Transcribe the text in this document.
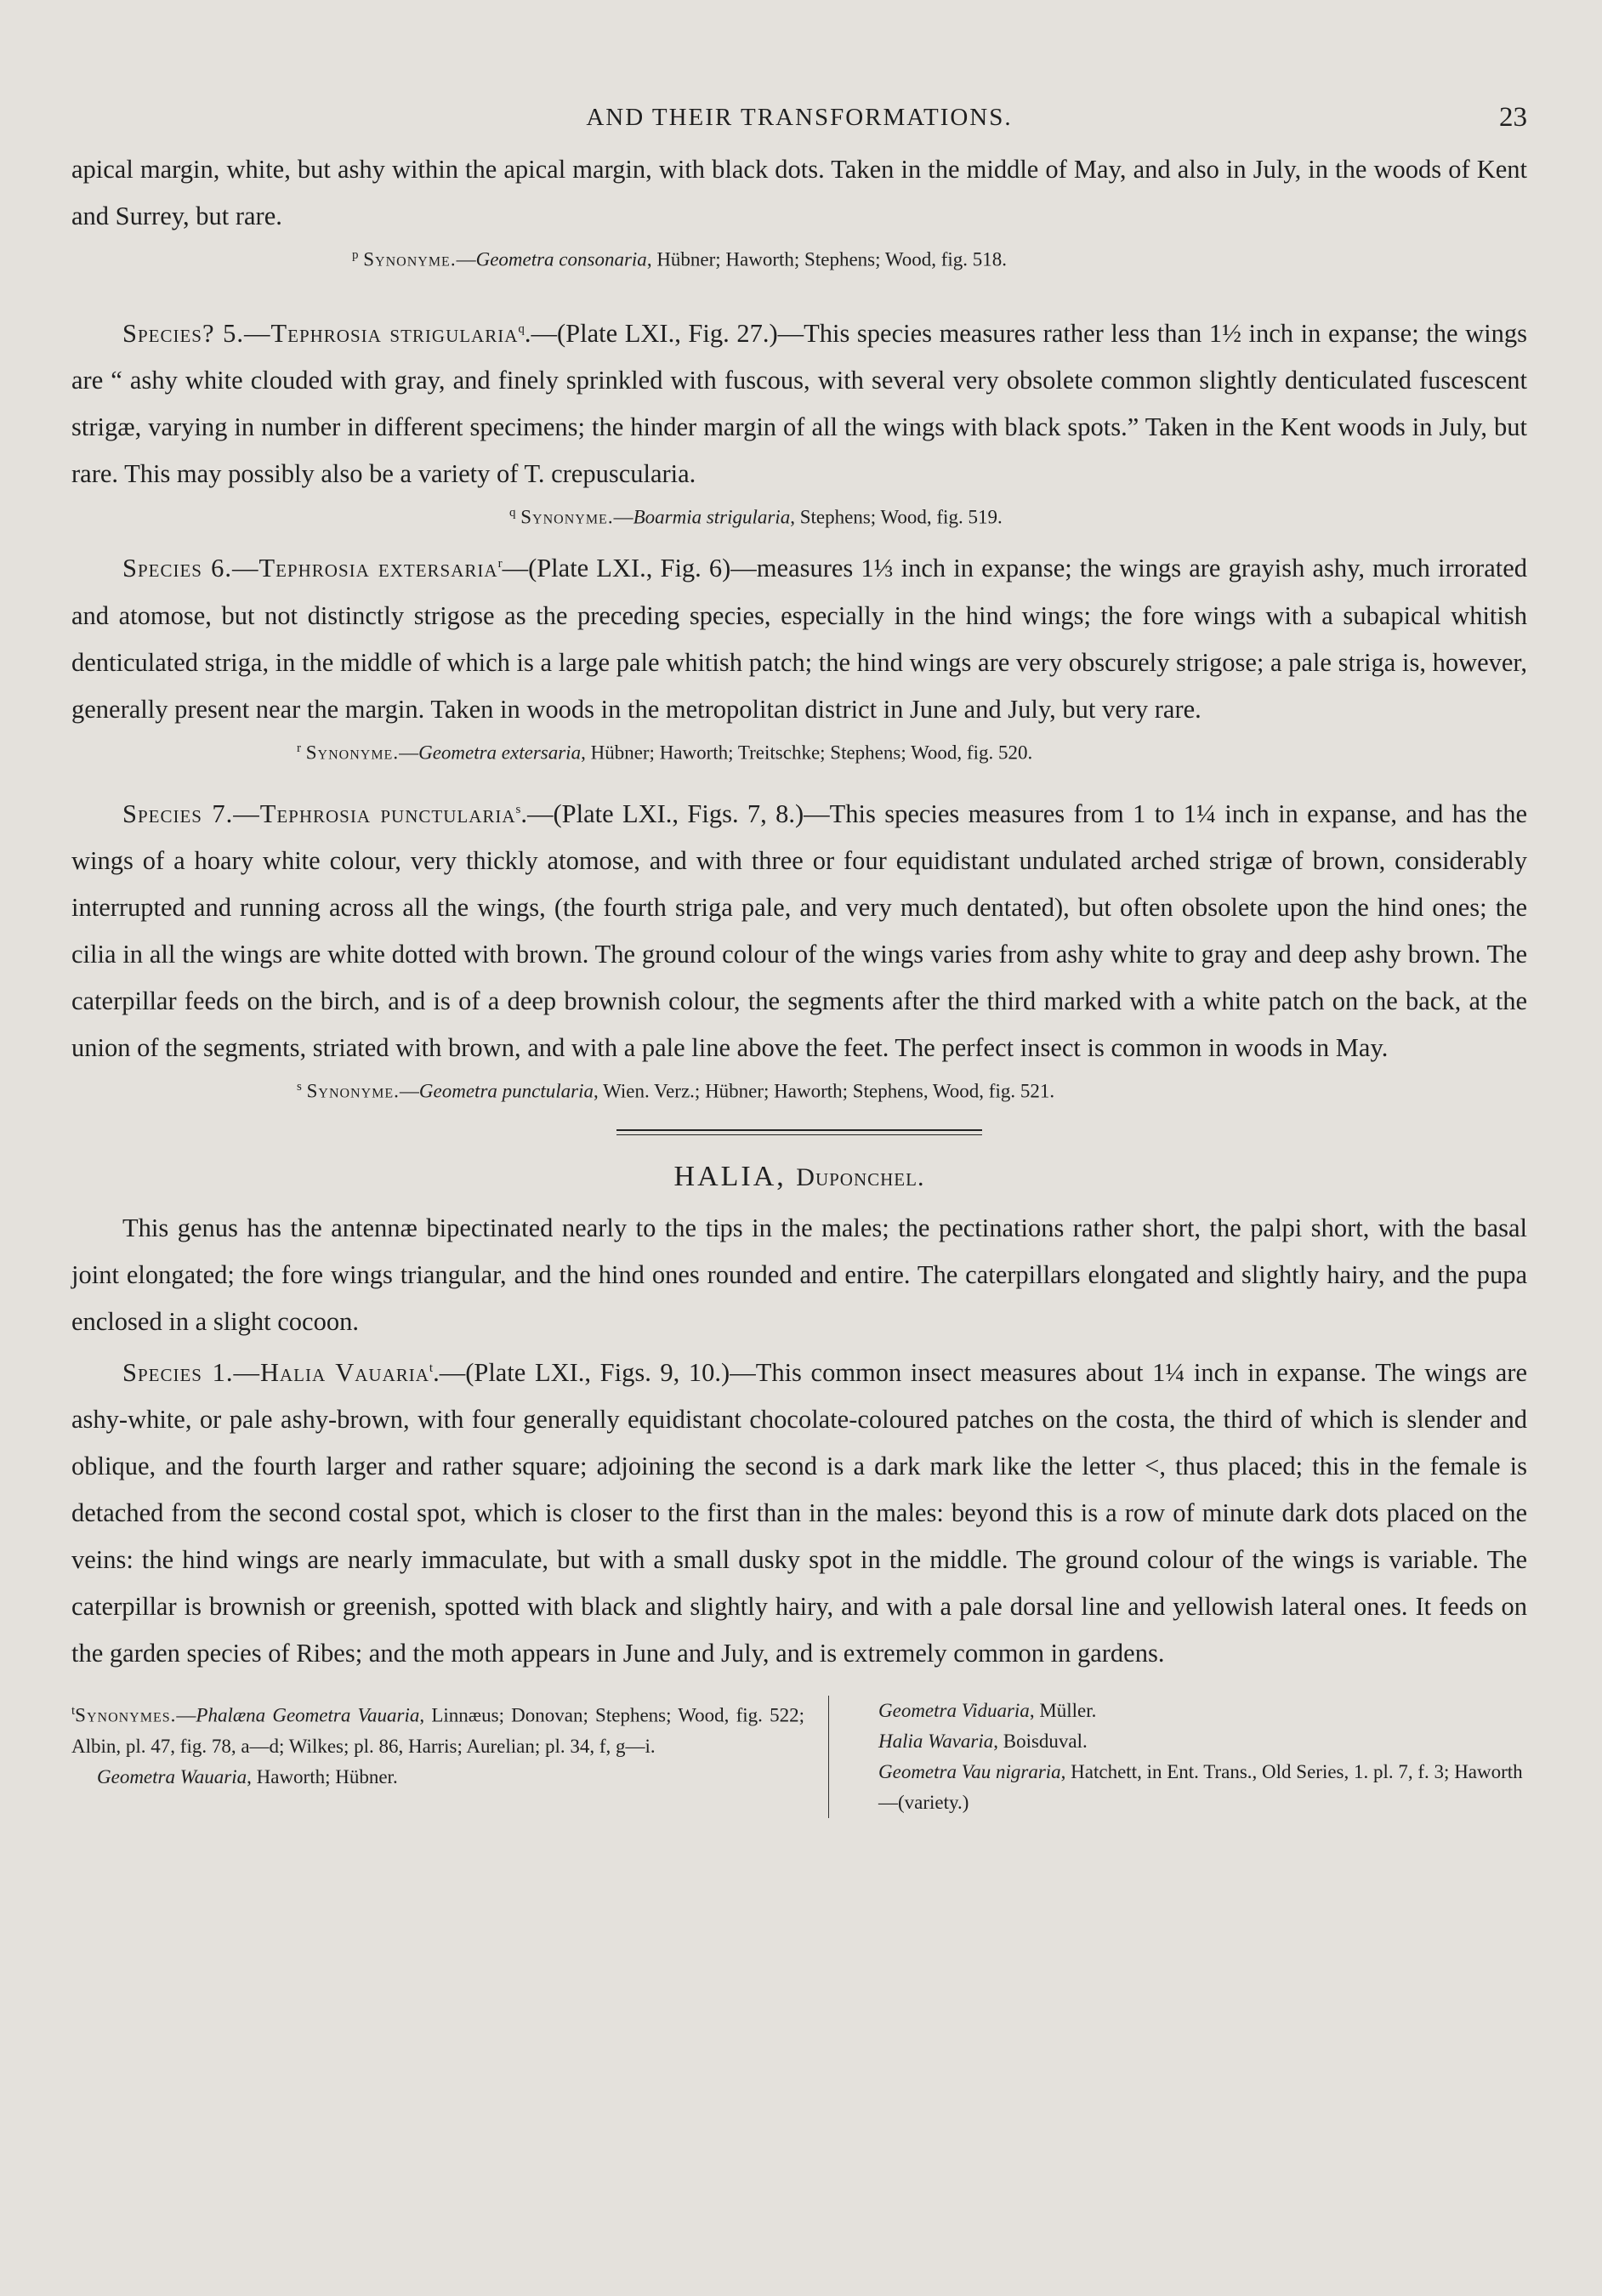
AND THEIR TRANSFORMATIONS.	23

apical margin, white, but ashy within the apical margin, with black dots. Taken in the middle of May, and also in July, in the woods of Kent and Surrey, but rare.

$^p$ Synonyme.—Geometra consonaria, Hübner; Haworth; Stephens; Wood, fig. 518.

Species? 5.—Tephrosia strigularia$^q$.—(Plate LXI., Fig. 27.)—This species measures rather less than 1½ inch in expanse; the wings are “ ashy white clouded with gray, and finely sprinkled with fuscous, with several very obsolete common slightly denticulated fuscescent strigæ, varying in number in different specimens; the hinder margin of all the wings with black spots.” Taken in the Kent woods in July, but rare. This may possibly also be a variety of T. crepuscularia.

$^q$ Synonyme.—Boarmia strigularia, Stephens; Wood, fig. 519.

Species 6.—Tephrosia extersaria$^r$—(Plate LXI., Fig. 6)—measures 1⅓ inch in expanse; the wings are grayish ashy, much irrorated and atomose, but not distinctly strigose as the preceding species, especially in the hind wings; the fore wings with a subapical whitish denticulated striga, in the middle of which is a large pale whitish patch; the hind wings are very obscurely strigose; a pale striga is, however, generally present near the margin. Taken in woods in the metropolitan district in June and July, but very rare.

$^r$ Synonyme.—Geometra extersaria, Hübner; Haworth; Treitschke; Stephens; Wood, fig. 520.

Species 7.—Tephrosia punctularia$^s$.—(Plate LXI., Figs. 7, 8.)—This species measures from 1 to 1¼ inch in expanse, and has the wings of a hoary white colour, very thickly atomose, and with three or four equidistant undulated arched strigæ of brown, considerably interrupted and running across all the wings, (the fourth striga pale, and very much dentated), but often obsolete upon the hind ones; the cilia in all the wings are white dotted with brown. The ground colour of the wings varies from ashy white to gray and deep ashy brown. The caterpillar feeds on the birch, and is of a deep brownish colour, the segments after the third marked with a white patch on the back, at the union of the segments, striated with brown, and with a pale line above the feet. The perfect insect is common in woods in May.

$^s$ Synonyme.—Geometra punctularia, Wien. Verz.; Hübner; Haworth; Stephens, Wood, fig. 521.
HALIA, Duponchel.

This genus has the antennæ bipectinated nearly to the tips in the males; the pectinations rather short, the palpi short, with the basal joint elongated; the fore wings triangular, and the hind ones rounded and entire. The caterpillars elongated and slightly hairy, and the pupa enclosed in a slight cocoon.

Species 1.—Halia Vauaria$^t$.—(Plate LXI., Figs. 9, 10.)—This common insect measures about 1¼ inch in expanse. The wings are ashy-white, or pale ashy-brown, with four generally equidistant chocolate-coloured patches on the costa, the third of which is slender and oblique, and the fourth larger and rather square; adjoining the second is a dark mark like the letter <, thus placed; this in the female is detached from the second costal spot, which is closer to the first than in the males: beyond this is a row of minute dark dots placed on the veins: the hind wings are nearly immaculate, but with a small dusky spot in the middle. The ground colour of the wings is variable. The caterpillar is brownish or greenish, spotted with black and slightly hairy, and with a pale dorsal line and yellowish lateral ones. It feeds on the garden species of Ribes; and the moth appears in June and July, and is extremely common in gardens.

$^t$Synonymes.—Phalæna Geometra Vauaria, Linnæus; Donovan; Stephens; Wood, fig. 522; Albin, pl. 47, fig. 78, a—d; Wilkes; pl. 86, Harris; Aurelian; pl. 34, f, g—i.
Geometra Wauaria, Haworth; Hübner.
Geometra Viduaria, Müller.
Halia Wavaria, Boisduval.
Geometra Vau nigraria, Hatchett, in Ent. Trans., Old Series, 1. pl. 7, f. 3; Haworth—(variety.)
